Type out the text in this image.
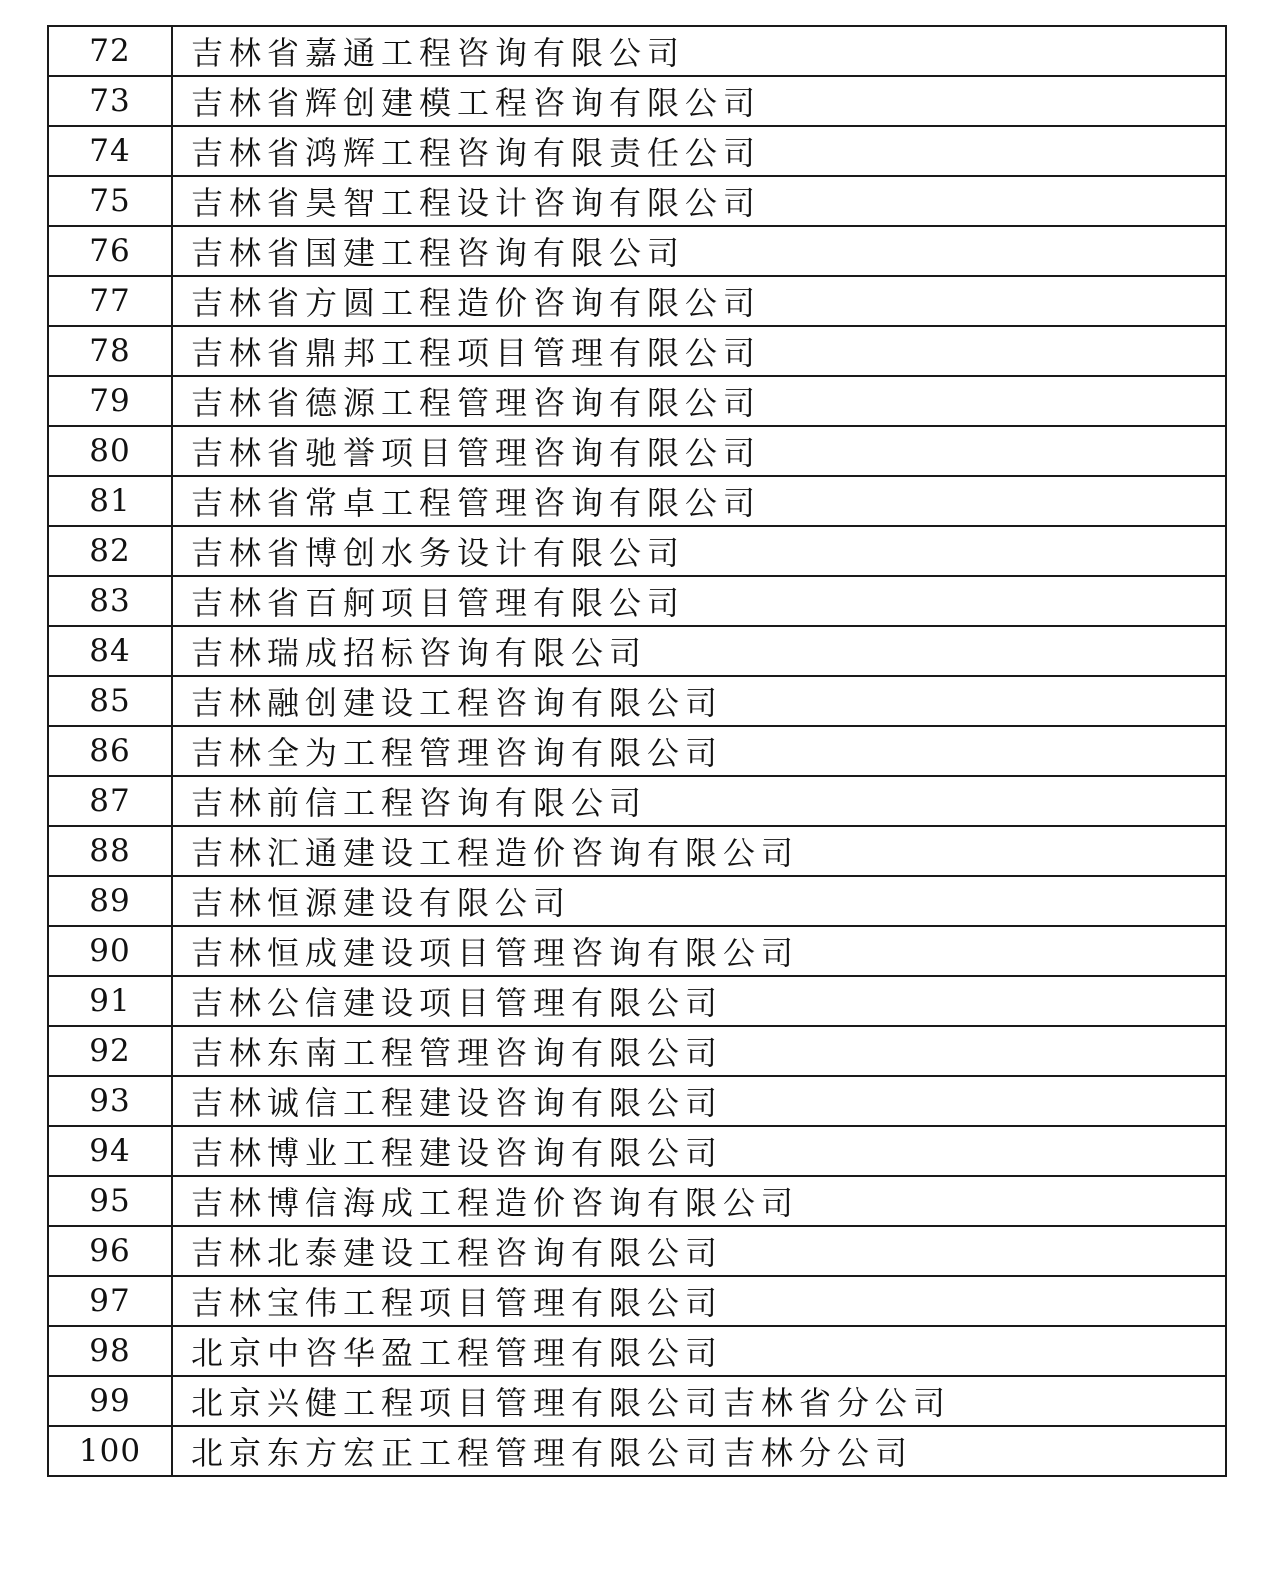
72	吉林省嘉通工程咨询有限公司
73	吉林省辉创建模工程咨询有限公司
74	吉林省鸿辉工程咨询有限责任公司
75	吉林省昊智工程设计咨询有限公司
76	吉林省国建工程咨询有限公司
77	吉林省方圆工程造价咨询有限公司
78	吉林省鼎邦工程项目管理有限公司
79	吉林省德源工程管理咨询有限公司
80	吉林省驰誉项目管理咨询有限公司
81	吉林省常卓工程管理咨询有限公司
82	吉林省博创水务设计有限公司
83	吉林省百舸项目管理有限公司
84	吉林瑞成招标咨询有限公司
85	吉林融创建设工程咨询有限公司
86	吉林全为工程管理咨询有限公司
87	吉林前信工程咨询有限公司
88	吉林汇通建设工程造价咨询有限公司
89	吉林恒源建设有限公司
90	吉林恒成建设项目管理咨询有限公司
91	吉林公信建设项目管理有限公司
92	吉林东南工程管理咨询有限公司
93	吉林诚信工程建设咨询有限公司
94	吉林博业工程建设咨询有限公司
95	吉林博信海成工程造价咨询有限公司
96	吉林北泰建设工程咨询有限公司
97	吉林宝伟工程项目管理有限公司
98	北京中咨华盈工程管理有限公司
99	北京兴健工程项目管理有限公司吉林省分公司
100	北京东方宏正工程管理有限公司吉林分公司
